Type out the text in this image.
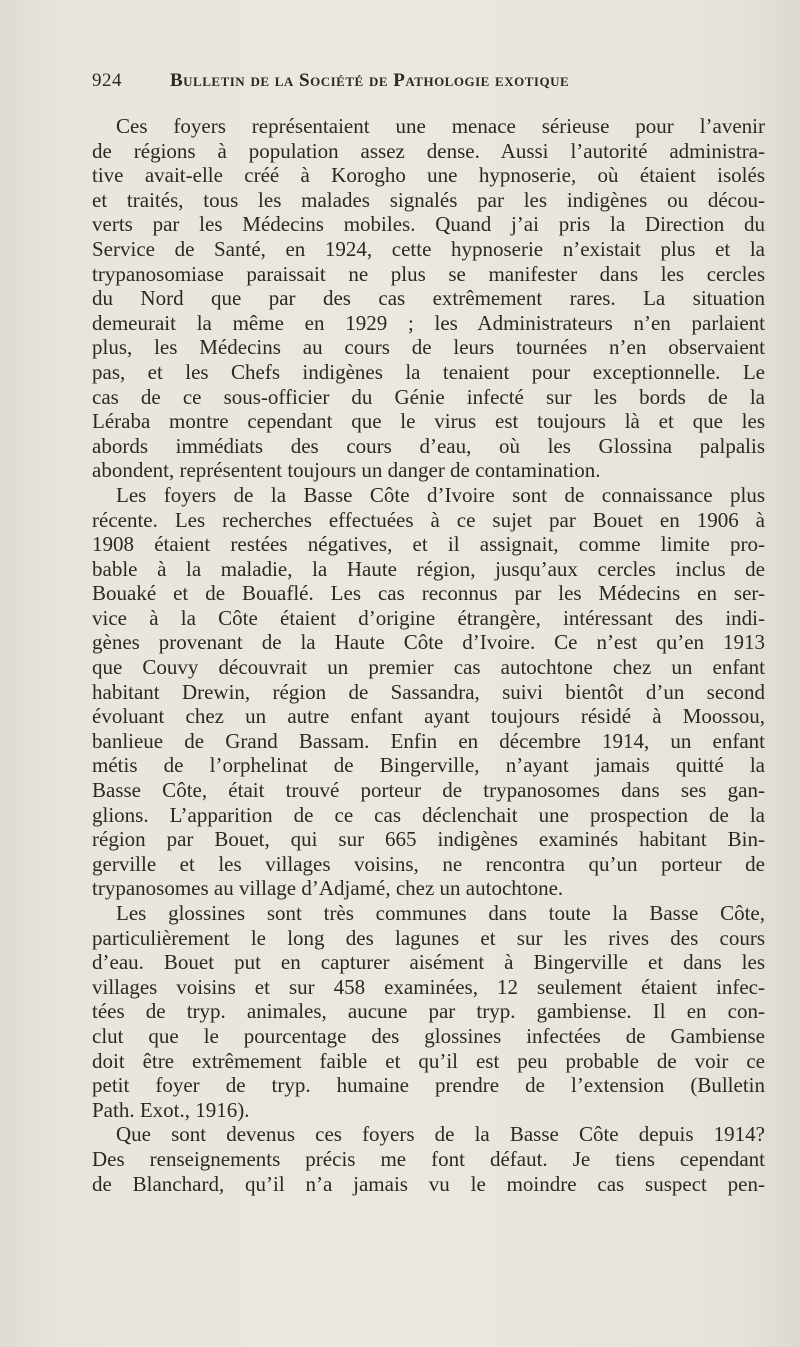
924	Bulletin de la Société de Pathologie exotique
Ces foyers représentaient une menace sérieuse pour l’avenir
de régions à population assez dense. Aussi l’autorité administra-
tive avait-elle créé à Korogho une hypnoserie, où étaient isolés
et traités, tous les malades signalés par les indigènes ou décou-
verts par les Médecins mobiles. Quand j’ai pris la Direction du
Service de Santé, en 1924, cette hypnoserie n’existait plus et la
trypanosomiase paraissait ne plus se manifester dans les cercles
du Nord que par des cas extrêmement rares. La situation
demeurait la même en 1929 ; les Administrateurs n’en parlaient
plus, les Médecins au cours de leurs tournées n’en observaient
pas, et les Chefs indigènes la tenaient pour exceptionnelle. Le
cas de ce sous-officier du Génie infecté sur les bords de la
Léraba montre cependant que le virus est toujours là et que les
abords immédiats des cours d’eau, où les Glossina palpalis
abondent, représentent toujours un danger de contamination.
Les foyers de la Basse Côte d’Ivoire sont de connaissance plus
récente. Les recherches effectuées à ce sujet par Bouet en 1906 à
1908 étaient restées négatives, et il assignait, comme limite pro-
bable à la maladie, la Haute région, jusqu’aux cercles inclus de
Bouaké et de Bouaflé. Les cas reconnus par les Médecins en ser-
vice à la Côte étaient d’origine étrangère, intéressant des indi-
gènes provenant de la Haute Côte d’Ivoire. Ce n’est qu’en 1913
que Couvy découvrait un premier cas autochtone chez un enfant
habitant Drewin, région de Sassandra, suivi bientôt d’un second
évoluant chez un autre enfant ayant toujours résidé à Moossou,
banlieue de Grand Bassam. Enfin en décembre 1914, un enfant
métis de l’orphelinat de Bingerville, n’ayant jamais quitté la
Basse Côte, était trouvé porteur de trypanosomes dans ses gan-
glions. L’apparition de ce cas déclenchait une prospection de la
région par Bouet, qui sur 665 indigènes examinés habitant Bin-
gerville et les villages voisins, ne rencontra qu’un porteur de
trypanosomes au village d’Adjamé, chez un autochtone.
Les glossines sont très communes dans toute la Basse Côte,
particulièrement le long des lagunes et sur les rives des cours
d’eau. Bouet put en capturer aisément à Bingerville et dans les
villages voisins et sur 458 examinées, 12 seulement étaient infec-
tées de tryp. animales, aucune par tryp. gambiense. Il en con-
clut que le pourcentage des glossines infectées de Gambiense
doit être extrêmement faible et qu’il est peu probable de voir ce
petit foyer de tryp. humaine prendre de l’extension (Bulletin
Path. Exot., 1916).
Que sont devenus ces foyers de la Basse Côte depuis 1914?
Des renseignements précis me font défaut. Je tiens cependant
de Blanchard, qu’il n’a jamais vu le moindre cas suspect pen-
